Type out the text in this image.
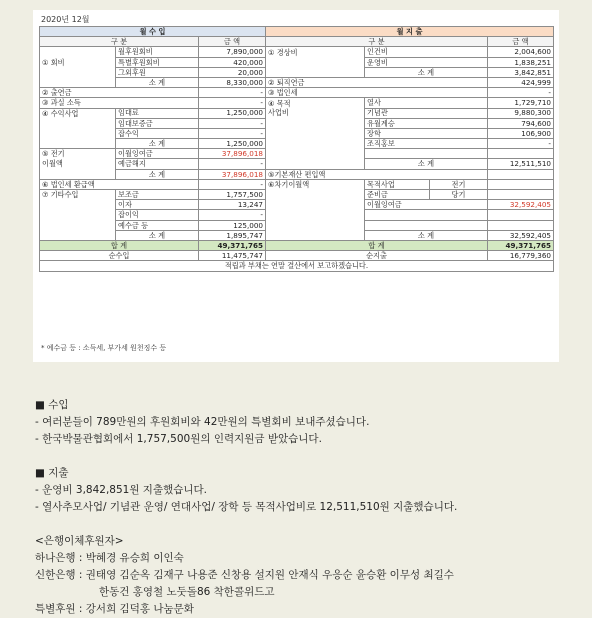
2020년 12월
월 수 입			월 지 출			
구 분		금 액	구 분			금 액
	월후원회비	7,890,000	① 경상비	인건비		2,004,600
① 회비	특별후원회비	420,000		운영비		1,838,251
	그외후원	20,000		소 계		3,842,851
	소 계	8,330,000	② 퇴직연금			424,999
② 출연금		-	③ 법인세			-
③ 과실 소득		-	④ 목적	열사		1,729,710
④ 수익사업	임대료	1,250,000	사업비	기념관		9,880,300
	임대보증금	-		유월계승		794,600
	잡수익	-		장학		106,900
	소 계	1,250,000		조직홍보		-
⑤ 전기	이월잉여금	37,896,018				
이월액	예금해지	-		소 계		12,511,510
	소 계	37,896,018	⑤기본재산 편입액			
⑥ 법인세 환급액		-	⑥차기이월액	목적사업	전기	
⑦ 기타수입	보조금	1,757,500		준비금	당기	
	이자	13,247		이월잉여금		32,592,405
	잡이익	-				
	예수금 등	125,000				
	소 계	1,895,747		소 계		32,592,405
합 계		49,371,765	합 계			49,371,765
순수입		11,475,747	순지출			16,779,360
적립과 부채는 연말 결산에서 보고하겠습니다.						
* 예수금 등 : 소득세, 부가세 원천징수 등

■ 수입

- 여러분들이 789만원의 후원회비와 42만원의 특별회비 보내주셨습니다.

- 한국박물관협회에서 1,757,500원의 인력지원금 받았습니다.

■ 지출

- 운영비 3,842,851원 지출했습니다.

- 열사추모사업/ 기념관 운영/ 연대사업/ 장학 등 목적사업비로 12,511,510원 지출했습니다.

<은행이체후원자>

하나은행 : 박혜경 유승희 이인숙

신한은행 : 권태영 김순옥 김재구 나용준 신창용 설지원 안재식 우응순 윤승환 이무성 최길수

한동건 홍영철 노둣돌86 착한콜위드고

특별후원 : 강서희 김덕홍 나눔문화
